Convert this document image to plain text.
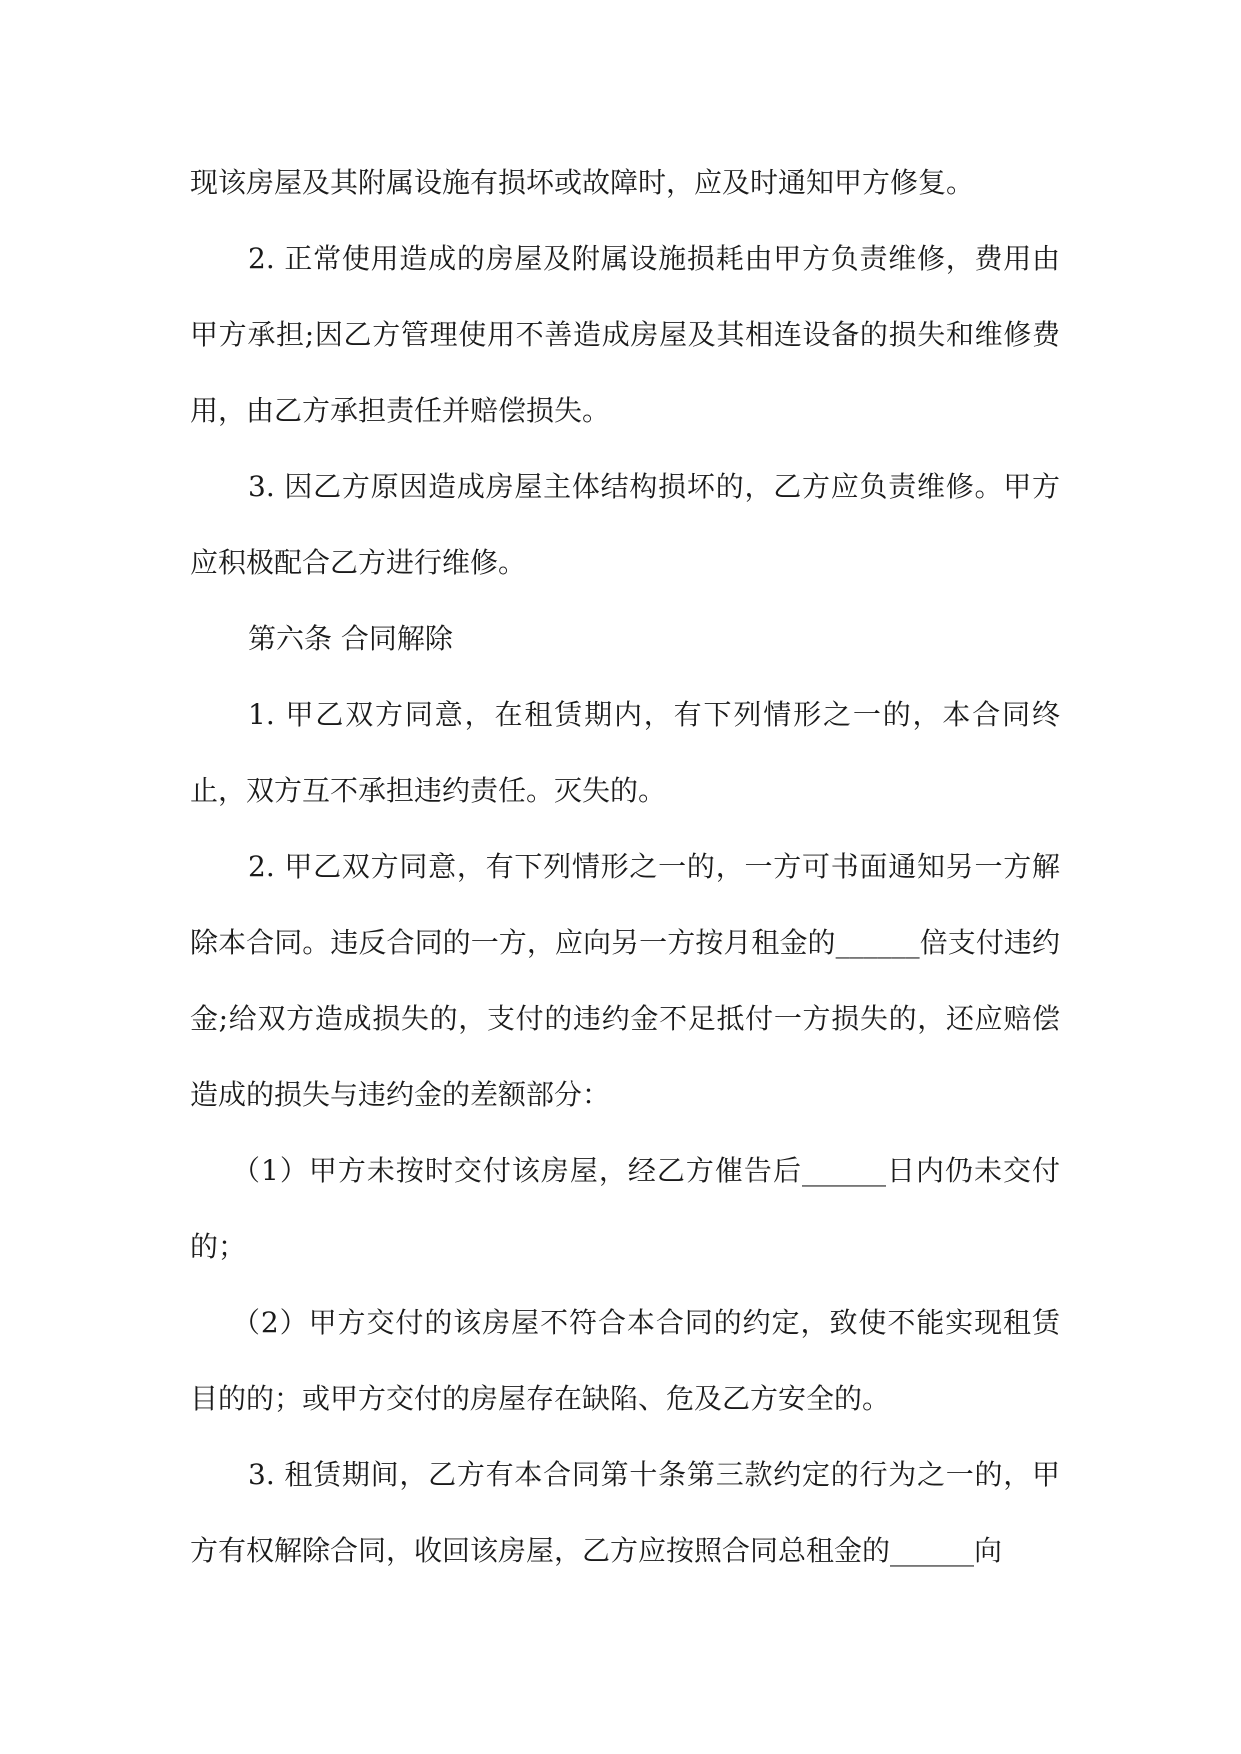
现该房屋及其附属设施有损坏或故障时，应及时通知甲方修复。

2. 正常使用造成的房屋及附属设施损耗由甲方负责维修，费用由甲方承担;因乙方管理使用不善造成房屋及其相连设备的损失和维修费用，由乙方承担责任并赔偿损失。

3. 因乙方原因造成房屋主体结构损坏的，乙方应负责维修。甲方应积极配合乙方进行维修。

第六条 合同解除

1. 甲乙双方同意，在租赁期内，有下列情形之一的，本合同终止，双方互不承担违约责任。灭失的。

2. 甲乙双方同意，有下列情形之一的，一方可书面通知另一方解除本合同。违反合同的一方，应向另一方按月租金的______倍支付违约金;给双方造成损失的，支付的违约金不足抵付一方损失的，还应赔偿造成的损失与违约金的差额部分：

（1）甲方未按时交付该房屋，经乙方催告后______日内仍未交付的；

（2）甲方交付的该房屋不符合本合同的约定，致使不能实现租赁目的的；或甲方交付的房屋存在缺陷、危及乙方安全的。

3. 租赁期间，乙方有本合同第十条第三款约定的行为之一的，甲方有权解除合同，收回该房屋，乙方应按照合同总租金的______向
